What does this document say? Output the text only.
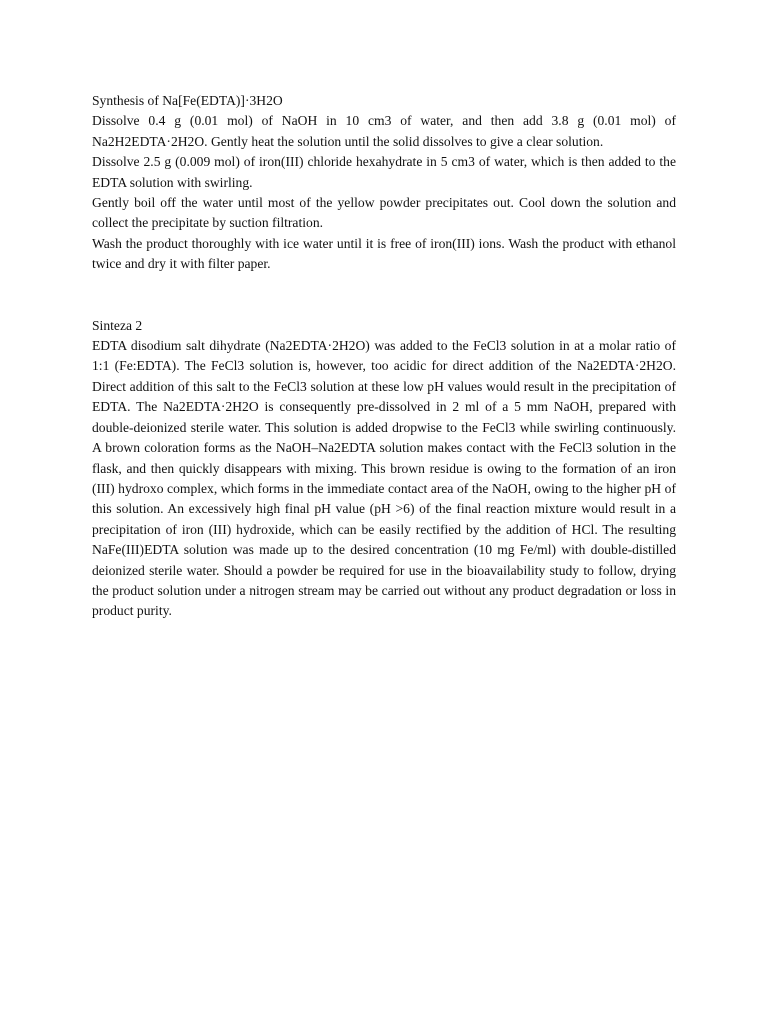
Synthesis of Na[Fe(EDTA)]·3H2O

Dissolve 0.4 g (0.01 mol) of NaOH in 10 cm3 of water, and then add 3.8 g (0.01 mol) of Na2H2EDTA·2H2O. Gently heat the solution until the solid dissolves to give a clear solution.

Dissolve 2.5 g (0.009 mol) of iron(III) chloride hexahydrate in 5 cm3 of water, which is then added to the EDTA solution with swirling.

Gently boil off the water until most of the yellow powder precipitates out. Cool down the solution and collect the precipitate by suction filtration.

Wash the product thoroughly with ice water until it is free of iron(III) ions. Wash the product with ethanol twice and dry it with filter paper.

Sinteza 2

EDTA disodium salt dihydrate (Na2EDTA·2H2O) was added to the FeCl3 solution in at a molar ratio of 1:1 (Fe:EDTA). The FeCl3 solution is, however, too acidic for direct addition of the Na2EDTA·2H2O. Direct addition of this salt to the FeCl3 solution at these low pH values would result in the precipitation of EDTA. The Na2EDTA·2H2O is consequently pre-dissolved in 2 ml of a 5 mm NaOH, prepared with double-deionized sterile water. This solution is added dropwise to the FeCl3 while swirling continuously. A brown coloration forms as the NaOH–Na2EDTA solution makes contact with the FeCl3 solution in the flask, and then quickly disappears with mixing. This brown residue is owing to the formation of an iron (III) hydroxo complex, which forms in the immediate contact area of the NaOH, owing to the higher pH of this solution. An excessively high final pH value (pH >6) of the final reaction mixture would result in a precipitation of iron (III) hydroxide, which can be easily rectified by the addition of HCl. The resulting NaFe(III)EDTA solution was made up to the desired concentration (10 mg Fe/ml) with double-distilled deionized sterile water. Should a powder be required for use in the bioavailability study to follow, drying the product solution under a nitrogen stream may be carried out without any product degradation or loss in product purity.
